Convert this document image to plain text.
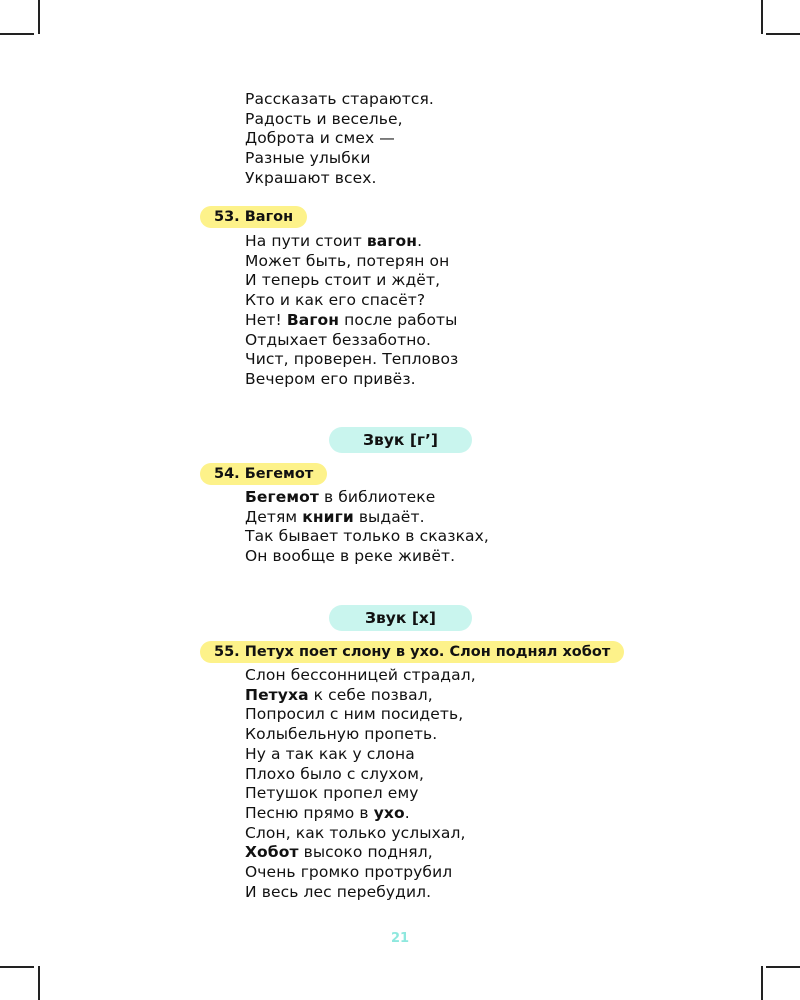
Рассказать стараются.
Радость и веселье,
Доброта и смех —
Разные улыбки
Украшают всех.
53. Вагон
На пути стоит вагон.
Может быть, потерян он
И теперь стоит и ждёт,
Кто и как его спасёт?
Нет! Вагон после работы
Отдыхает беззаботно.
Чист, проверен. Тепловоз
Вечером его привёз.
Звук [г’]
54. Бегемот
Бегемот в библиотеке
Детям книги выдаёт.
Так бывает только в сказках,
Он вообще в реке живёт.
Звук [х]
55. Петух поет слону в ухо. Слон поднял хобот
Слон бессонницей страдал,
Петуха к себе позвал,
Попросил с ним посидеть,
Колыбельную пропеть.
Ну а так как у слона
Плохо было с слухом,
Петушок пропел ему
Песню прямо в ухо.
Слон, как только услыхал,
Хобот высоко поднял,
Очень громко протрубил
И весь лес перебудил.
21
